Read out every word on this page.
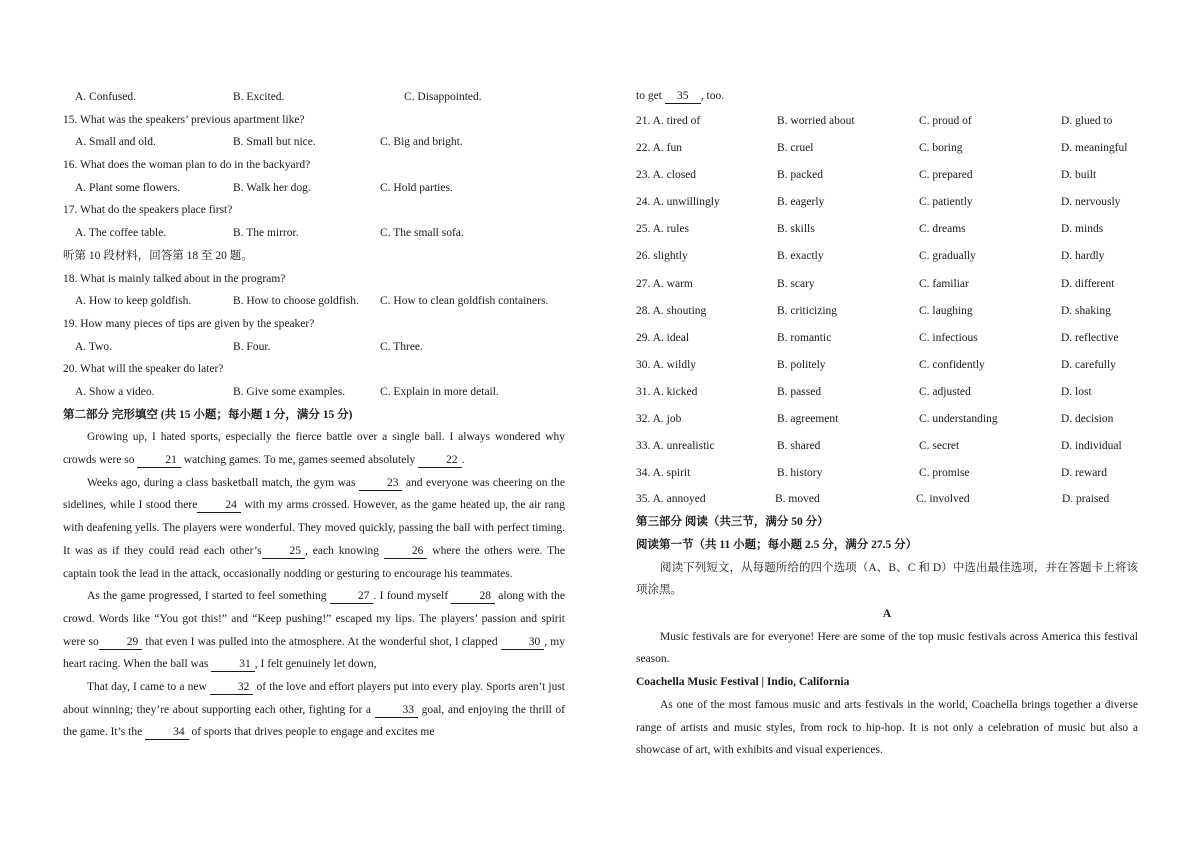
A. Confused.	B. Excited.	C. Disappointed.
15. What was the speakers’ previous apartment like?
A. Small and old.	B. Small but nice.	C. Big and bright.
16. What does the woman plan to do in the backyard?
A. Plant some flowers.	B. Walk her dog.	C. Hold parties.
17. What do the speakers place first?
A. The coffee table.	B. The mirror.	C. The small sofa.
听第 10 段材料，回答第 18 至 20 题。
18. What is mainly talked about in the program?
A. How to keep goldfish.	B. How to choose goldfish. C. How to clean goldfish containers.
19. How many pieces of tips are given by the speaker?
A. Two.	B. Four.	C. Three.
20. What will the speaker do later?
A. Show a video.	B. Give some examples.	C. Explain in more detail.
第二部分 完形填空 (共 15 小题；每小题 1 分，满分 15 分)

Growing up, I hated sports, especially the fierce battle over a single ball. I always wondered why crowds were so 21 watching games. To me, games seemed absolutely 22 .

Weeks ago, during a class basketball match, the gym was 23 and everyone was cheering on the sidelines, while I stood there 24 with my arms crossed. However, as the game heated up, the air rang with deafening yells. The players were wonderful. They moved quickly, passing the ball with perfect timing. It was as if they could read each other’s 25 , each knowing 26 where the others were. The captain took the lead in the attack, occasionally nodding or gesturing to encourage his teammates.

As the game progressed, I started to feel something 27 . I found myself 28 along with the crowd. Words like “You got this!” and “Keep pushing!” escaped my lips. The players’ passion and spirit were so 29 that even I was pulled into the atmosphere. At the wonderful shot, I clapped 30 , my heart racing. When the ball was 31 , I felt genuinely let down,

That day, I came to a new 32 of the love and effort players put into every play. Sports aren’t just about winning; they’re about supporting each other, fighting for a 33 goal, and enjoying the thrill of the game. It’s the 34 of sports that drives people to engage and excites me

to get 35 , too.
21. A. tired of	B. worried about	C. proud of	D. glued to
22. A. fun	B. cruel	C. boring	D. meaningful
23. A. closed	B. packed	C. prepared	D. built
24. A. unwillingly	B. eagerly	C. patiently	D. nervously
25. A. rules	B. skills	C. dreams	D. minds
26. slightly	B. exactly	C. gradually	D. hardly
27. A. warm	B. scary	C. familiar	D. different
28. A. shouting	B. criticizing	C. laughing	D. shaking
29. A. ideal	B. romantic	C. infectious	D. reflective
30. A. wildly	B. politely	C. confidently	D. carefully
31. A. kicked	B. passed	C. adjusted	D. lost
32. A. job	B. agreement	C. understanding	D. decision
33. A. unrealistic	B. shared	C. secret	D. individual
34. A. spirit	B. history	C. promise	D. reward
35. A. annoyed	B. moved	C. involved	D. praised
第三部分 阅读（共三节，满分 50 分）
阅读第一节（共 11 小题；每小题 2.5 分，满分 27.5 分）

阅读下列短文，从每题所给的四个选项（A、B、C 和 D）中选出最佳选项，并在答题卡上将该项涂黑。

A

Music festivals are for everyone! Here are some of the top music festivals across America this festival season.

Coachella Music Festival | Indio, California

As one of the most famous music and arts festivals in the world, Coachella brings together a diverse range of artists and music styles, from rock to hip-hop. It is not only a celebration of music but also a showcase of art, with exhibits and visual experiences.
